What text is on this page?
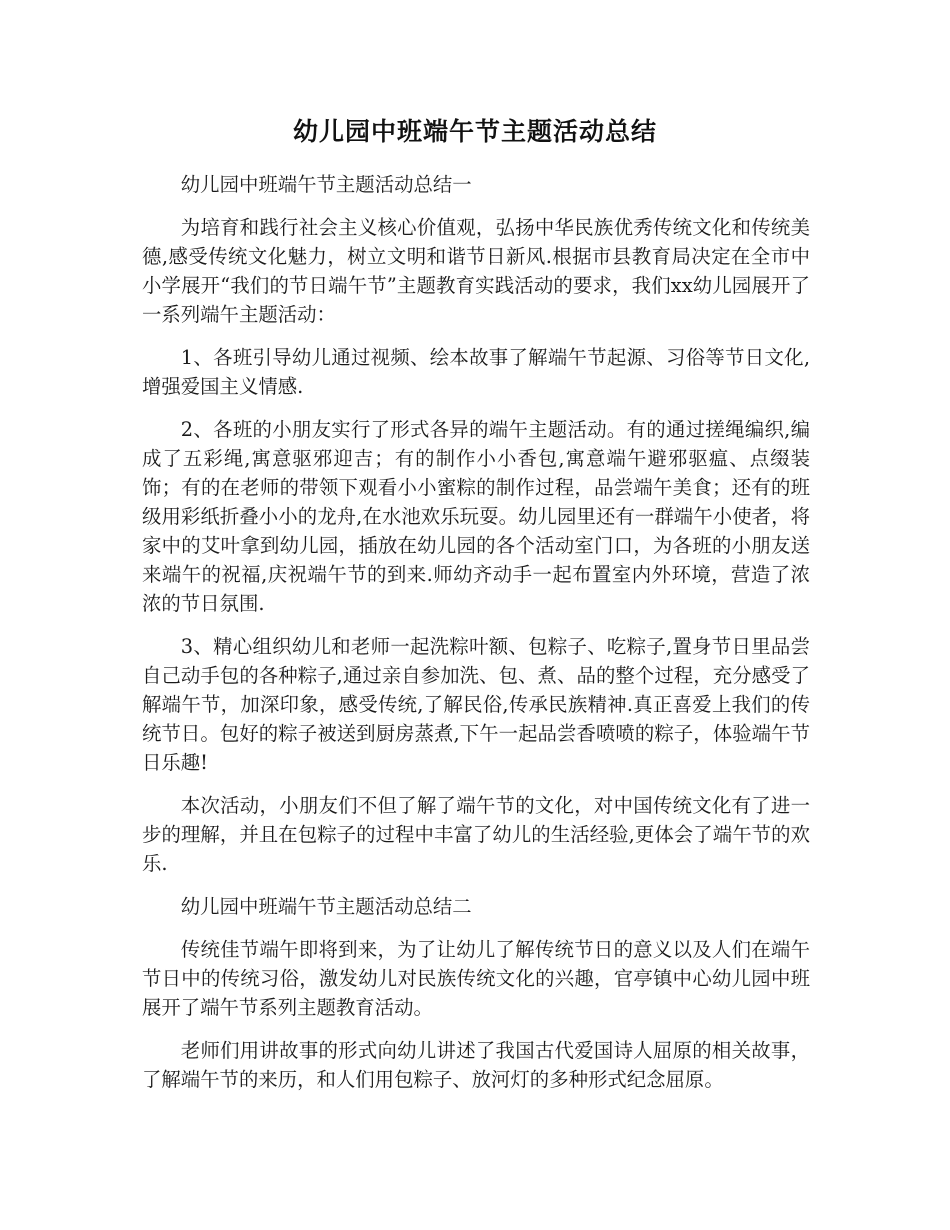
幼儿园中班端午节主题活动总结

幼儿园中班端午节主题活动总结一

为培育和践行社会主义核心价值观，弘扬中华民族优秀传统文化和传统美德,感受传统文化魅力，树立文明和谐节日新风.根据市县教育局决定在全市中小学展开“我们的节日端午节”主题教育实践活动的要求，我们xx幼儿园展开了一系列端午主题活动：

1、各班引导幼儿通过视频、绘本故事了解端午节起源、习俗等节日文化,增强爱国主义情感.

2、各班的小朋友实行了形式各异的端午主题活动。有的通过搓绳编织,编成了五彩绳,寓意驱邪迎吉；有的制作小小香包,寓意端午避邪驱瘟、点缀装饰；有的在老师的带领下观看小小蜜粽的制作过程，品尝端午美食；还有的班级用彩纸折叠小小的龙舟,在水池欢乐玩耍。幼儿园里还有一群端午小使者，将家中的艾叶拿到幼儿园，插放在幼儿园的各个活动室门口，为各班的小朋友送来端午的祝福,庆祝端午节的到来.师幼齐动手一起布置室内外环境，营造了浓浓的节日氛围.

3、精心组织幼儿和老师一起洗粽叶额、包粽子、吃粽子,置身节日里品尝自己动手包的各种粽子,通过亲自参加洗、包、煮、品的整个过程，充分感受了解端午节，加深印象，感受传统,了解民俗,传承民族精神.真正喜爱上我们的传统节日。包好的粽子被送到厨房蒸煮,下午一起品尝香喷喷的粽子，体验端午节日乐趣!

本次活动，小朋友们不但了解了端午节的文化，对中国传统文化有了进一步的理解，并且在包粽子的过程中丰富了幼儿的生活经验,更体会了端午节的欢乐.

幼儿园中班端午节主题活动总结二

传统佳节端午即将到来，为了让幼儿了解传统节日的意义以及人们在端午节日中的传统习俗，激发幼儿对民族传统文化的兴趣，官亭镇中心幼儿园中班展开了端午节系列主题教育活动。

老师们用讲故事的形式向幼儿讲述了我国古代爱国诗人屈原的相关故事，了解端午节的来历，和人们用包粽子、放河灯的多种形式纪念屈原。
